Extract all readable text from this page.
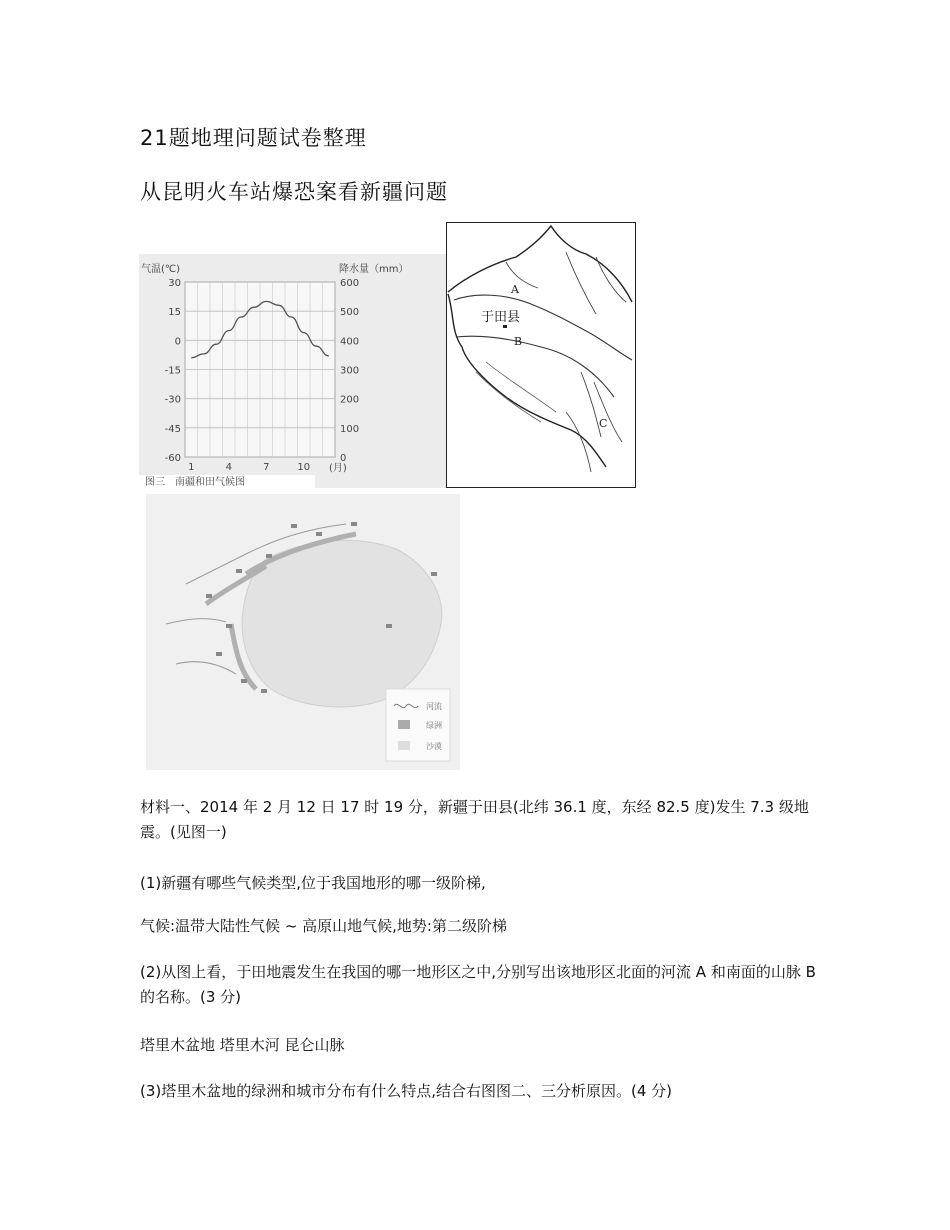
21题地理问题试卷整理
从昆明火车站爆恐案看新疆问题
30	600
15	500
0	400
-15	300
-30	200
-45	100
-60	0
1	4	7	10
气温(℃)	降水量（mm）
(月)
图三　南疆和田气候图
A
于田县
B
C
河流
绿洲
沙漠

材料一、2014 年 2 月 12 日 17 时 19 分，新疆于田县(北纬 36.1 度，东经 82.5 度)发生 7.3 级地震。(见图一)

(1)新疆有哪些气候类型,位于我国地形的哪一级阶梯,

气候:温带大陆性气候 ~ 高原山地气候,地势:第二级阶梯

(2)从图上看，于田地震发生在我国的哪一地形区之中,分别写出该地形区北面的河流 A 和南面的山脉 B 的名称。(3 分)

塔里木盆地 塔里木河 昆仑山脉

(3)塔里木盆地的绿洲和城市分布有什么特点,结合右图图二、三分析原因。(4 分)
